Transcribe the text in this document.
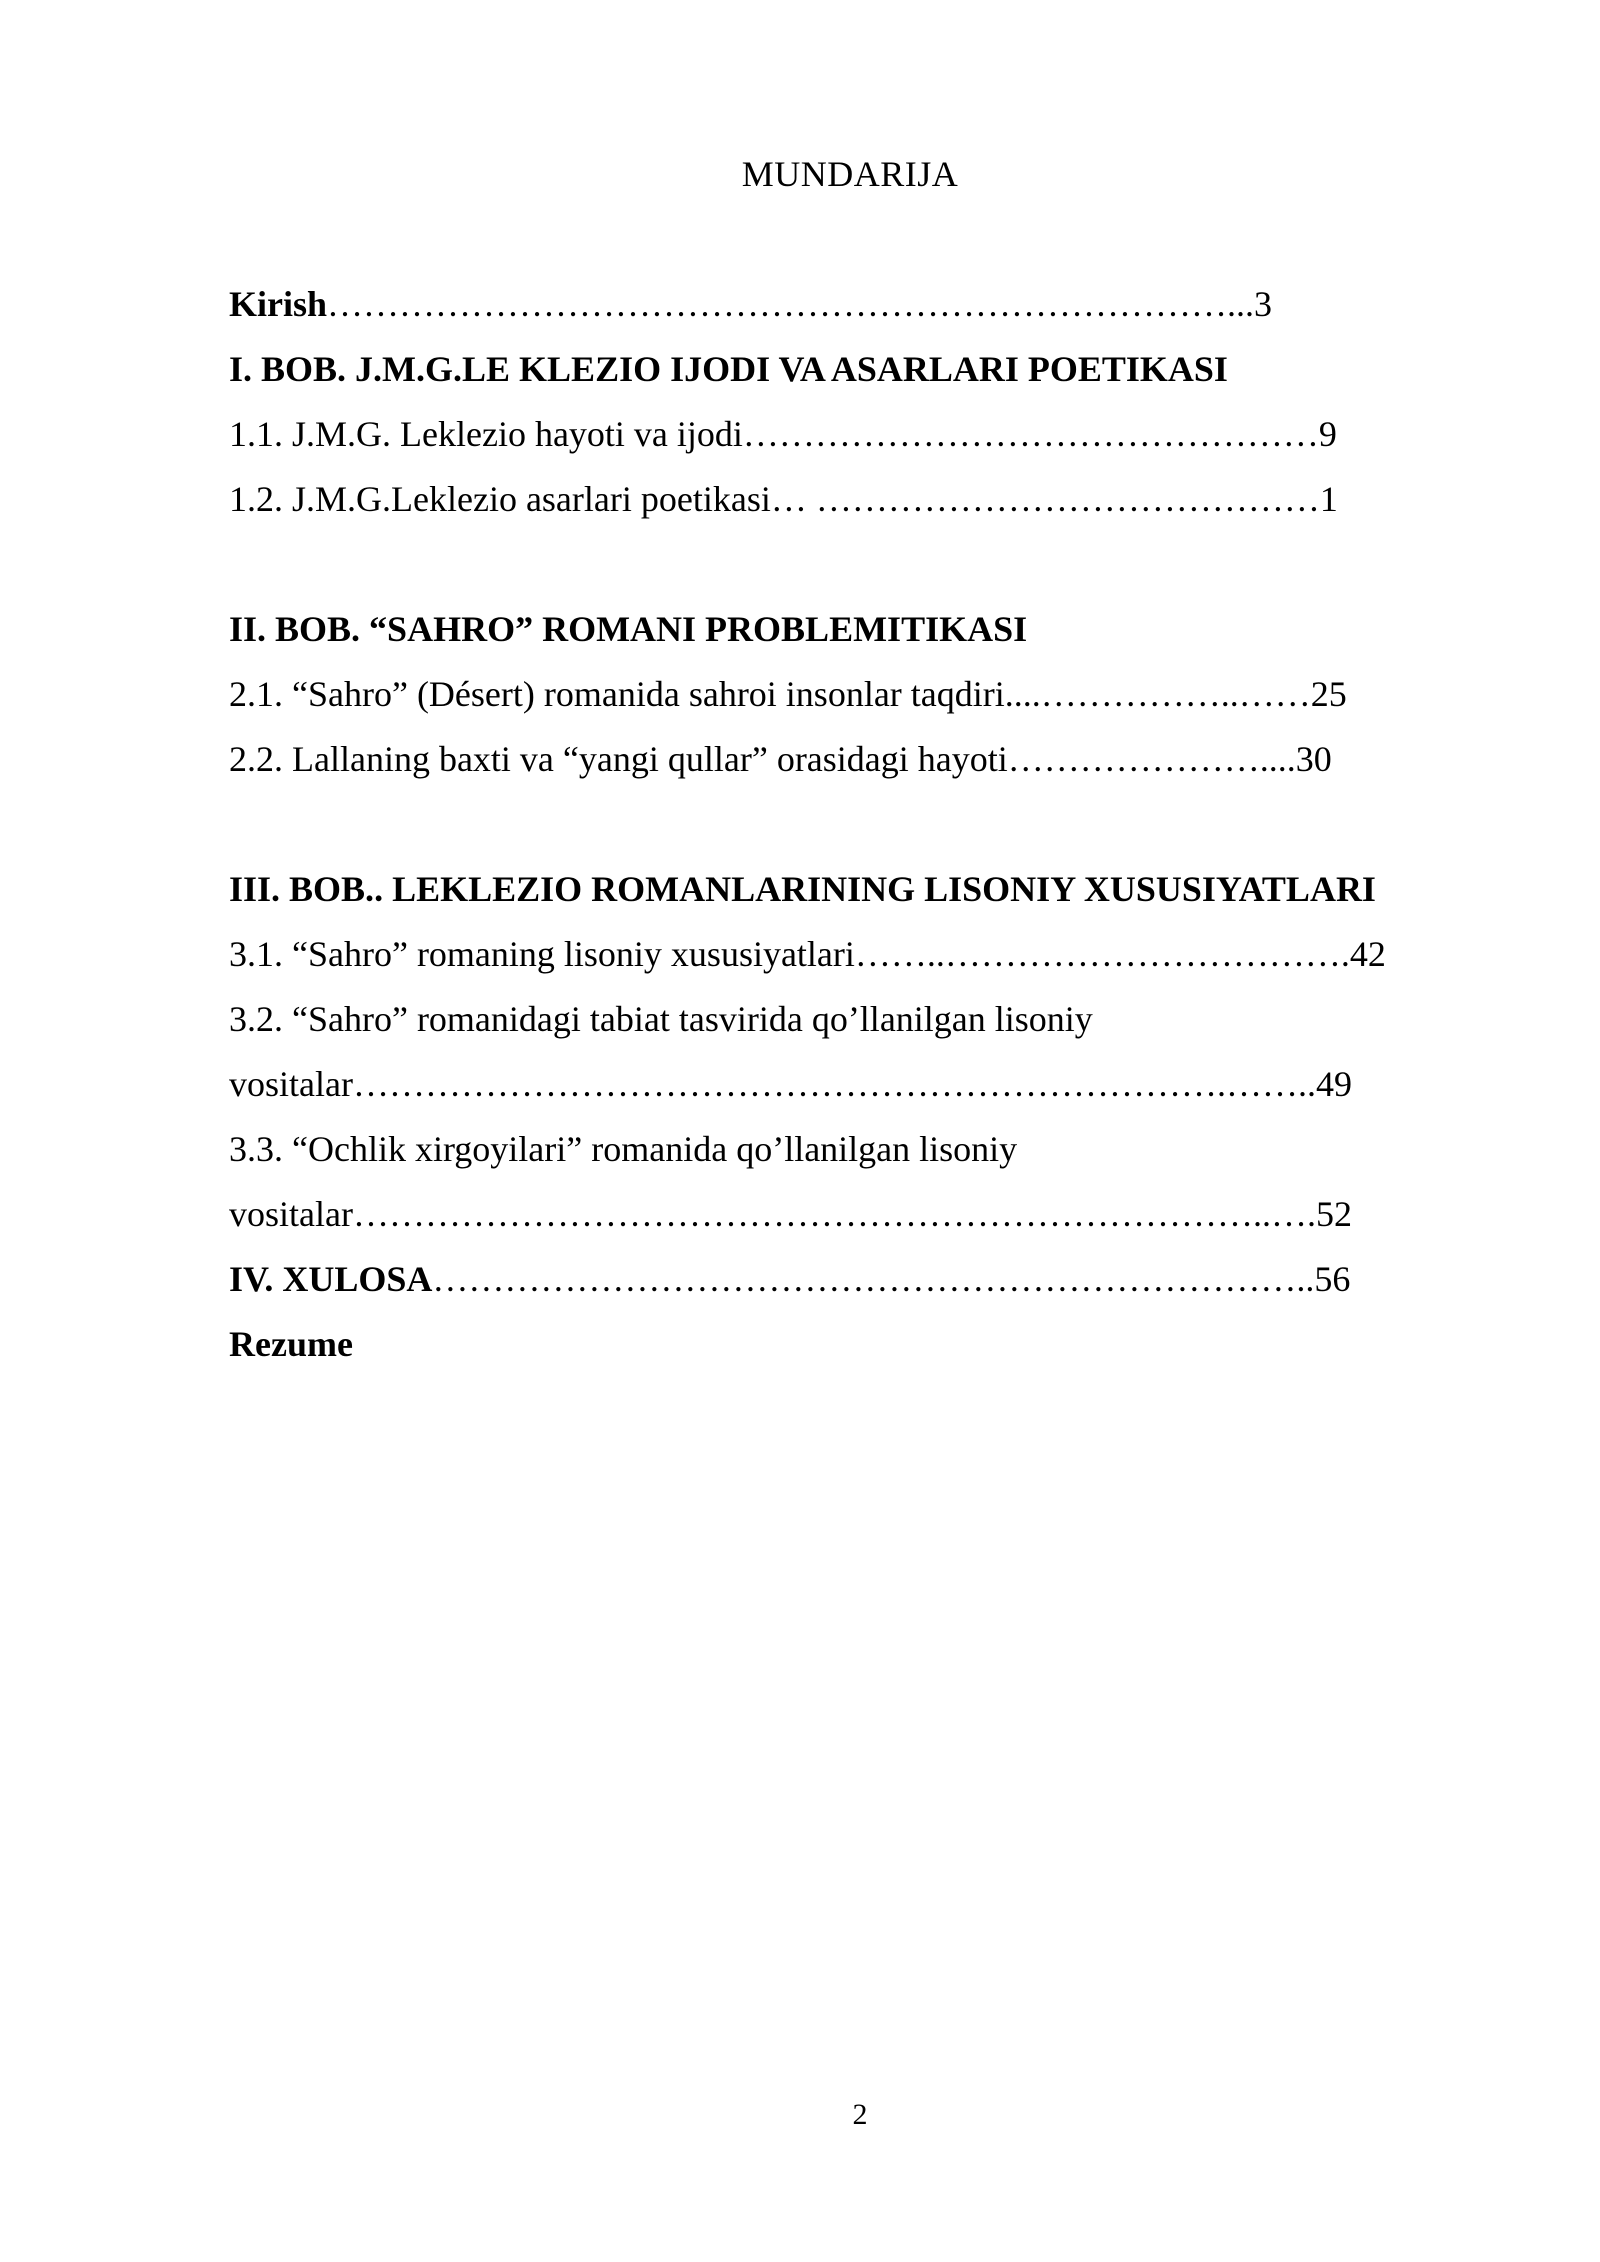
MUNDARIJA
Kirish…………………………………………………………………...3
I. BOB. J.M.G.LE KLEZIO IJODI VA ASARLARI POETIKASI
1.1. J.M.G. Leklezio hayoti va ijodi…………………………………………9
1.2. J.M.G.Leklezio asarlari poetikasi… ……………………………………1
II. BOB. “SAHRO” ROMANI PROBLEMITIKASI
2.1. “Sahro” (Désert) romanida sahroi insonlar taqdiri....……………..……25
2.2. Lallaning baxti va “yangi qullar” orasidagi hayoti…………………....30
III. BOB.. LEKLEZIO ROMANLARINING LISONIY XUSUSIYATLARI
3.1. “Sahro” romaning lisoniy xususiyatlari……..…………………………….42
3.2. “Sahro” romanidagi tabiat tasvirida qo’llanilgan lisoniy
vositalar……………………………………………………………….……..49
3.3. “Ochlik xirgoyilari” romanida qo’llanilgan lisoniy
vositalar…………………………………………………………………..….52
IV. XULOSA………………………………………………………………..56
Rezume
2
